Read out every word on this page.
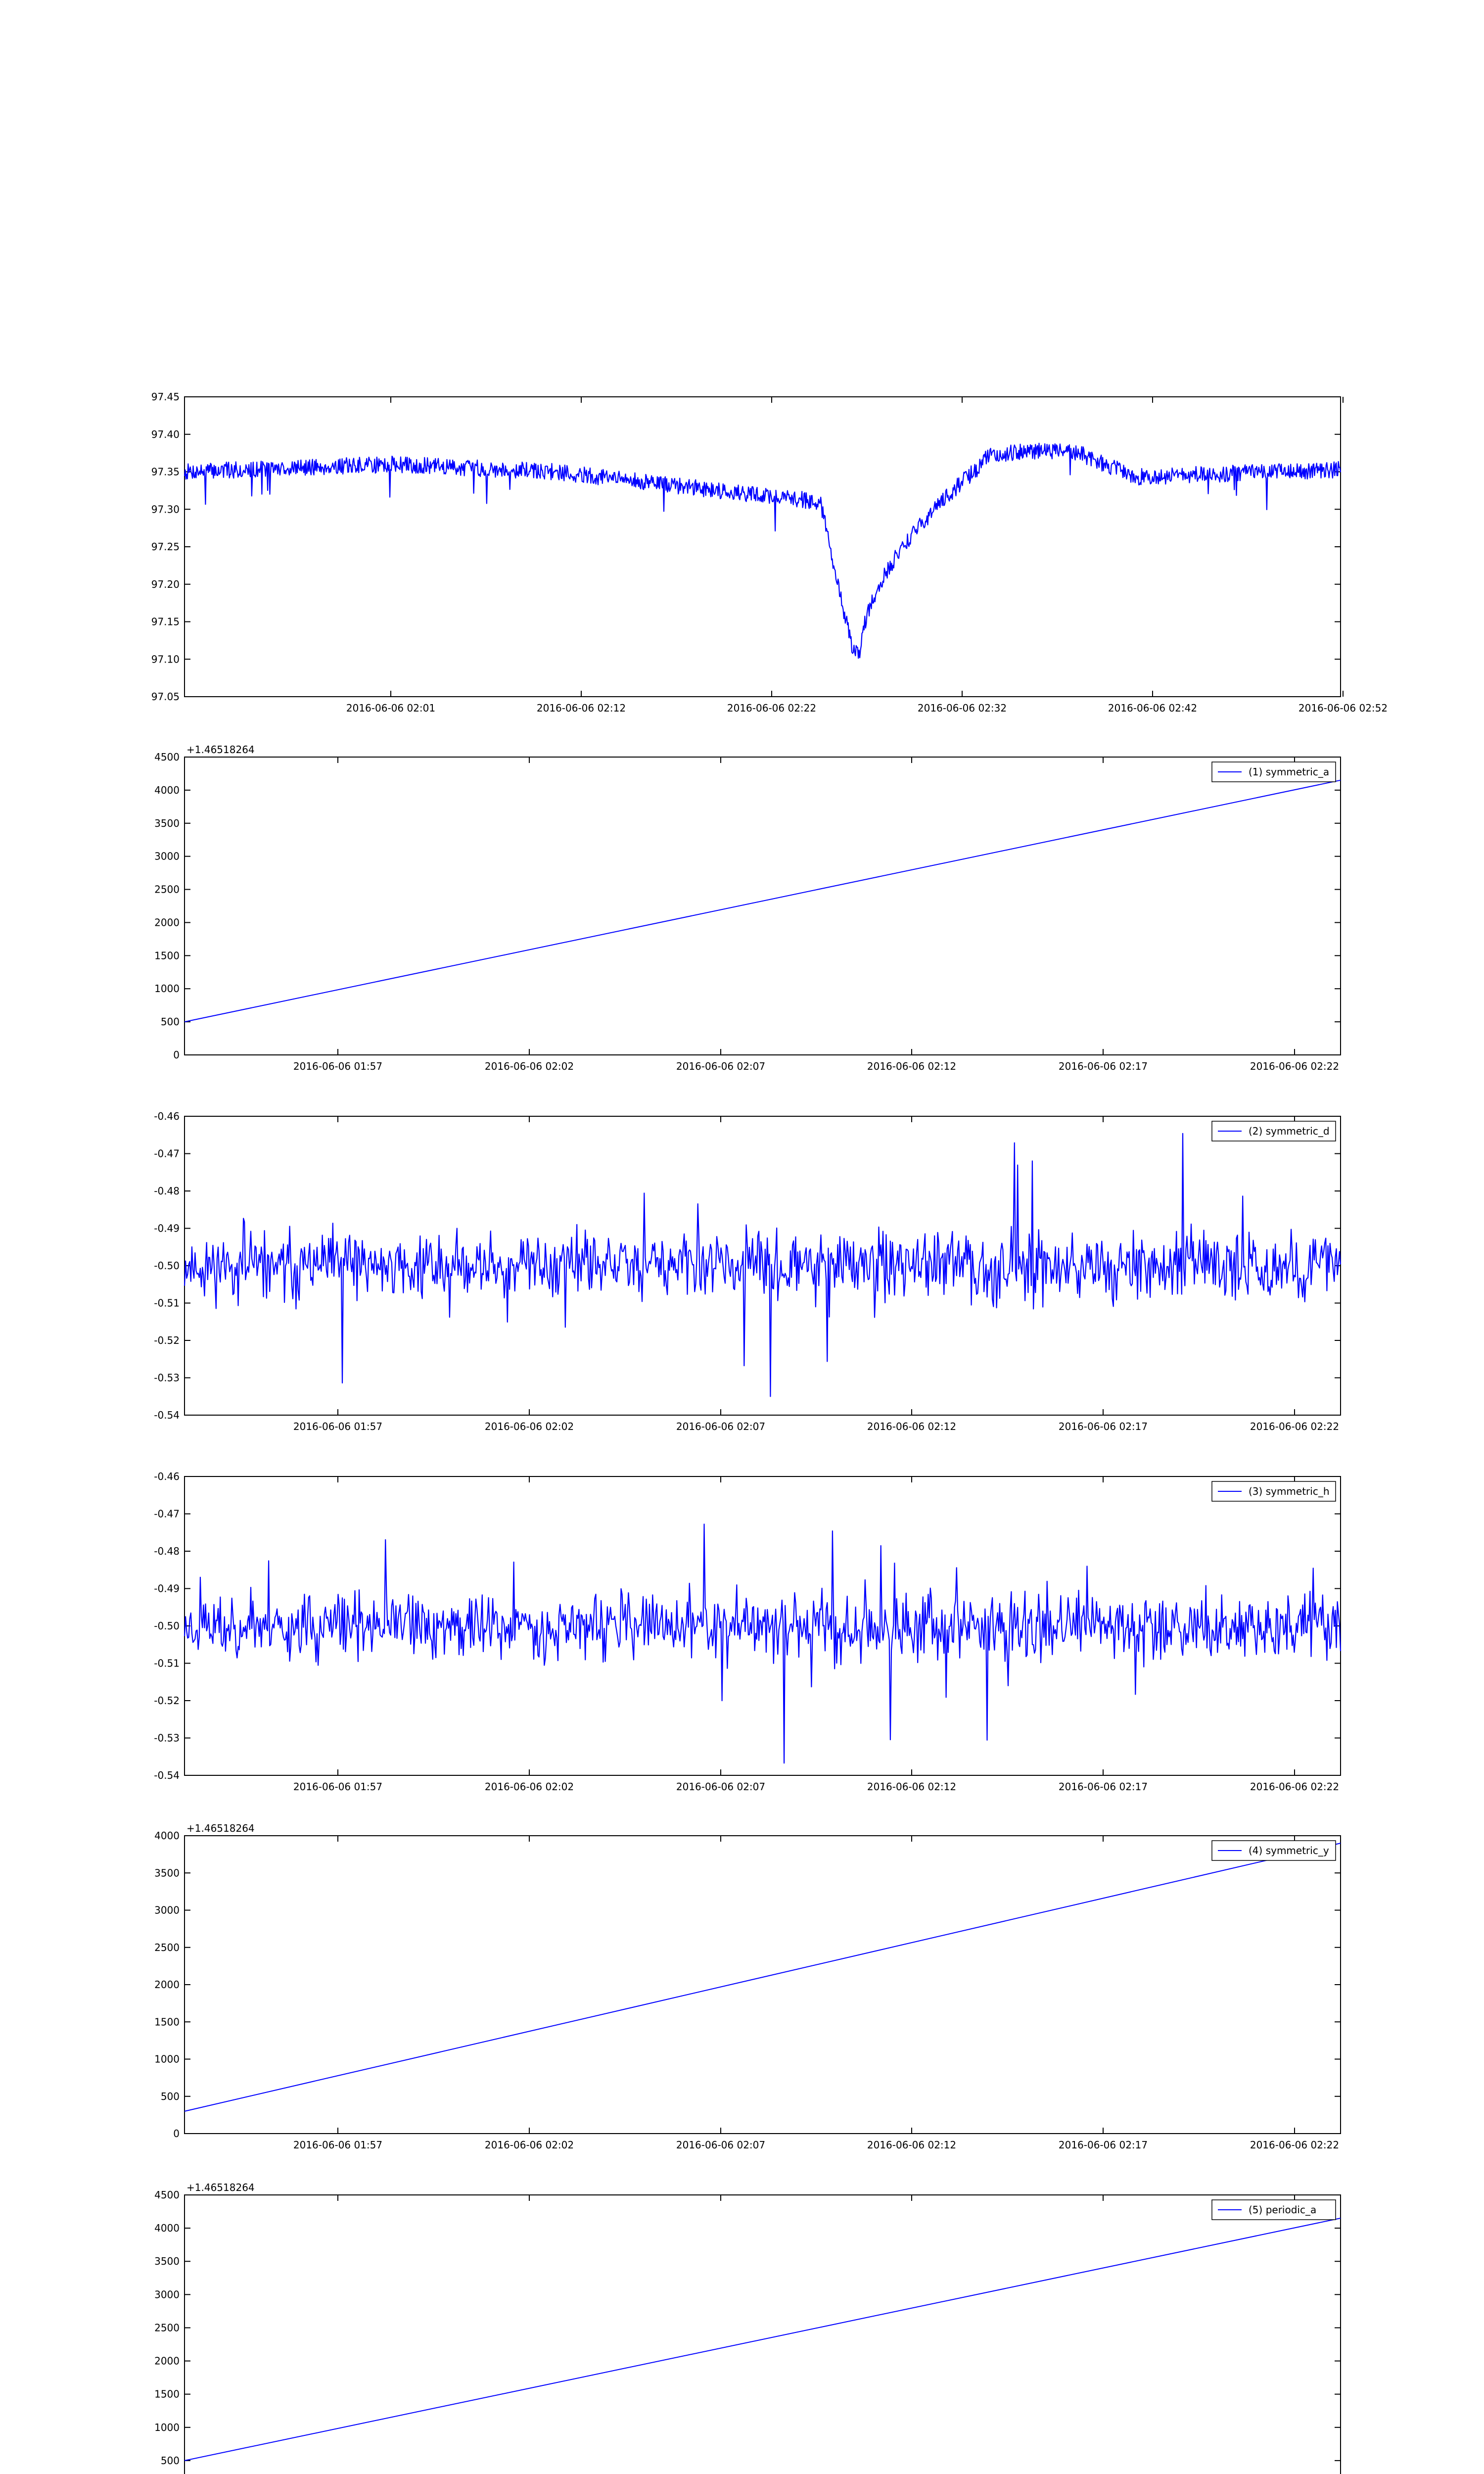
97.05
97.10
97.15
97.20
97.25
97.30
97.35
97.40
97.45
2016-06-06 02:01	2016-06-06 02:12	2016-06-06 02:22	2016-06-06 02:32	2016-06-06 02:42	2016-06-06 02:52
0
500
1000
1500
2000
2500
3000
3500
4000
4500
2016-06-06 01:57	2016-06-06 02:02	2016-06-06 02:07	2016-06-06 02:12	2016-06-06 02:17	2016-06-06 02:22
+1.46518264
(1) symmetric_a
-0.54
-0.53
-0.52
-0.51
-0.50
-0.49
-0.48
-0.47
-0.46
2016-06-06 01:57	2016-06-06 02:02	2016-06-06 02:07	2016-06-06 02:12	2016-06-06 02:17	2016-06-06 02:22
(2) symmetric_d
-0.54
-0.53
-0.52
-0.51
-0.50
-0.49
-0.48
-0.47
-0.46
2016-06-06 01:57	2016-06-06 02:02	2016-06-06 02:07	2016-06-06 02:12	2016-06-06 02:17	2016-06-06 02:22
(3) symmetric_h
0
500
1000
1500
2000
2500
3000
3500
4000
2016-06-06 01:57	2016-06-06 02:02	2016-06-06 02:07	2016-06-06 02:12	2016-06-06 02:17	2016-06-06 02:22
+1.46518264
(4) symmetric_y
500
1000
1500
2000
2500
3000
3500
4000
4500
+1.46518264
(5) periodic_a
